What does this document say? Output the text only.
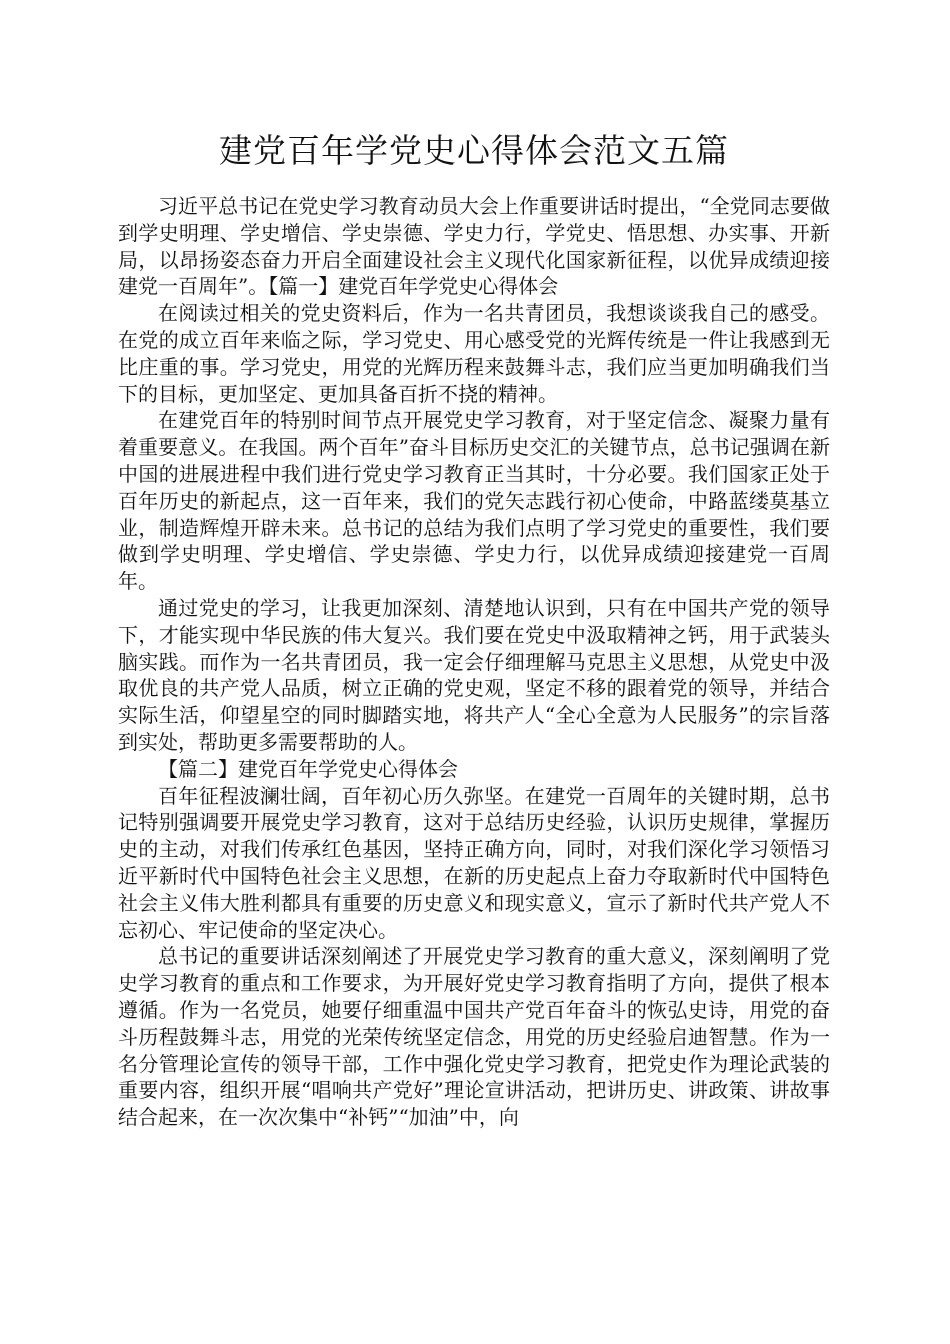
建党百年学党史心得体会范文五篇

习近平总书记在党史学习教育动员大会上作重要讲话时提出，“全党同志要做到学史明理、学史增信、学史崇德、学史力行，学党史、悟思想、办实事、开新局，以昂扬姿态奋力开启全面建设社会主义现代化国家新征程，以优异成绩迎接建党一百周年”。【篇一】建党百年学党史心得体会

在阅读过相关的党史资料后，作为一名共青团员，我想谈谈我自己的感受。在党的成立百年来临之际，学习党史、用心感受党的光辉传统是一件让我感到无比庄重的事。学习党史，用党的光辉历程来鼓舞斗志，我们应当更加明确我们当下的目标，更加坚定、更加具备百折不挠的精神。

在建党百年的特别时间节点开展党史学习教育，对于坚定信念、凝聚力量有着重要意义。在我国。两个百年”奋斗目标历史交汇的关键节点，总书记强调在新中国的进展进程中我们进行党史学习教育正当其时，十分必要。我们国家正处于百年历史的新起点，这一百年来，我们的党矢志践行初心使命，中路蓝缕莫基立业，制造辉煌开辟未来。总书记的总结为我们点明了学习党史的重要性，我们要做到学史明理、学史增信、学史崇德、学史力行，以优异成绩迎接建党一百周年。

通过党史的学习，让我更加深刻、清楚地认识到，只有在中国共产党的领导下，才能实现中华民族的伟大复兴。我们要在党史中汲取精神之钙，用于武装头脑实践。而作为一名共青团员，我一定会仔细理解马克思主义思想，从党史中汲取优良的共产党人品质，树立正确的党史观，坚定不移的跟着党的领导，并结合实际生活，仰望星空的同时脚踏实地，将共产人“全心全意为人民服务”的宗旨落到实处，帮助更多需要帮助的人。

【篇二】建党百年学党史心得体会

百年征程波澜壮阔，百年初心历久弥坚。在建党一百周年的关键时期，总书记特别强调要开展党史学习教育，这对于总结历史经验，认识历史规律，掌握历史的主动，对我们传承红色基因，坚持正确方向，同时，对我们深化学习领悟习近平新时代中国特色社会主义思想，在新的历史起点上奋力夺取新时代中国特色社会主义伟大胜利都具有重要的历史意义和现实意义，宣示了新时代共产党人不忘初心、牢记使命的坚定决心。

总书记的重要讲话深刻阐述了开展党史学习教育的重大意义，深刻阐明了党史学习教育的重点和工作要求，为开展好党史学习教育指明了方向，提供了根本遵循。作为一名党员，她要仔细重温中国共产党百年奋斗的恢弘史诗，用党的奋斗历程鼓舞斗志，用党的光荣传统坚定信念，用党的历史经验启迪智慧。作为一名分管理论宣传的领导干部，工作中强化党史学习教育，把党史作为理论武装的重要内容，组织开展“唱响共产党好”理论宣讲活动，把讲历史、讲政策、讲故事结合起来，在一次次集中“补钙”“加油”中，向
